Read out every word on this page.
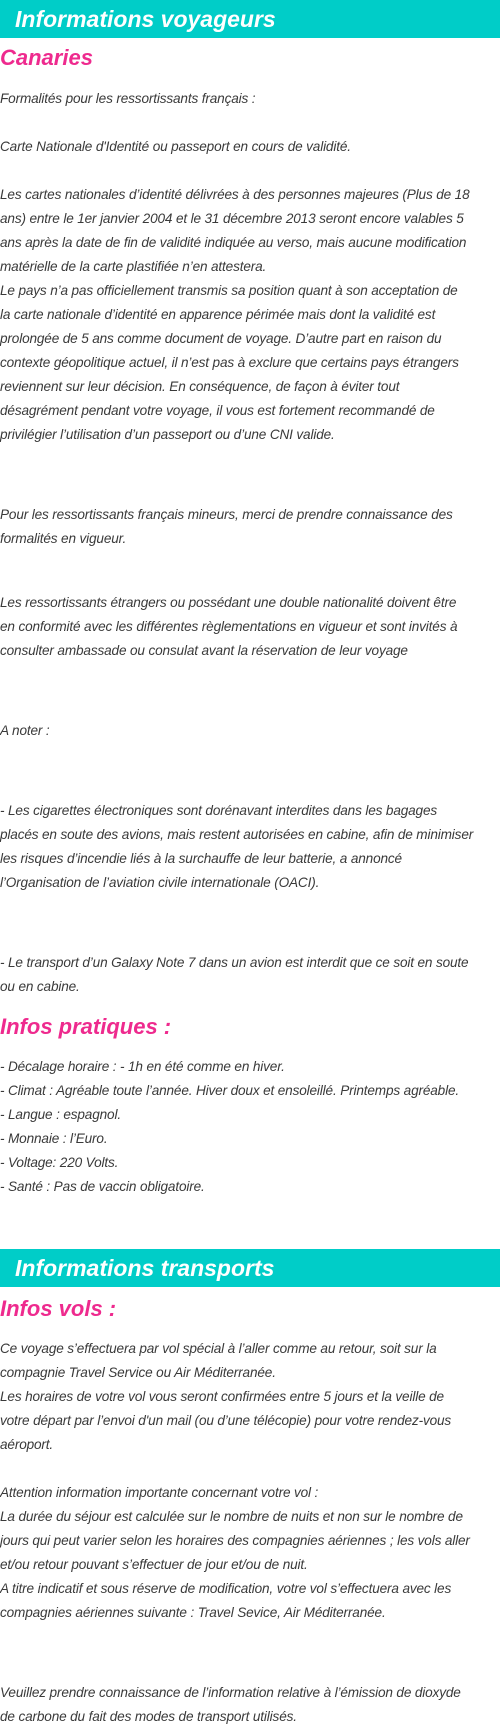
Informations voyageurs
Canaries
Formalités pour les ressortissants français :
Carte Nationale d'Identité ou passeport en cours de validité.
Les cartes nationales d’identité délivrées à des personnes majeures (Plus de 18
ans) entre le 1er janvier 2004 et le 31 décembre 2013 seront encore valables 5
ans après la date de fin de validité indiquée au verso, mais aucune modification
matérielle de la carte plastifiée n’en attestera.
Le pays n’a pas officiellement transmis sa position quant à son acceptation de
la carte nationale d’identité en apparence périmée mais dont la validité est
prolongée de 5 ans comme document de voyage. D’autre part en raison du
contexte géopolitique actuel, il n’est pas à exclure que certains pays étrangers
reviennent sur leur décision. En conséquence, de façon à éviter tout
désagrément pendant votre voyage, il vous est fortement recommandé de
privilégier l’utilisation d’un passeport ou d’une CNI valide.
Pour les ressortissants français mineurs, merci de prendre connaissance des
formalités en vigueur.
Les ressortissants étrangers ou possédant une double nationalité doivent être
en conformité avec les différentes règlementations en vigueur et sont invités à
consulter ambassade ou consulat avant la réservation de leur voyage
A noter :
- Les cigarettes électroniques sont dorénavant interdites dans les bagages
placés en soute des avions, mais restent autorisées en cabine, afin de minimiser
les risques d’incendie liés à la surchauffe de leur batterie, a annoncé
l’Organisation de l’aviation civile internationale (OACI).
- Le transport d’un Galaxy Note 7 dans un avion est interdit que ce soit en soute
ou en cabine.
Infos pratiques :
- Décalage horaire : - 1h en été comme en hiver.
- Climat : Agréable toute l’année. Hiver doux et ensoleillé. Printemps agréable.
- Langue : espagnol.
- Monnaie : l’Euro.
- Voltage: 220 Volts.
- Santé : Pas de vaccin obligatoire.
Informations transports
Infos vols :
Ce voyage s’effectuera par vol spécial à l’aller comme au retour, soit sur la
compagnie Travel Service ou Air Méditerranée.
Les horaires de votre vol vous seront confirmées entre 5 jours et la veille de
votre départ par l’envoi d'un mail (ou d’une télécopie) pour votre rendez-vous
aéroport.
Attention information importante concernant votre vol :
La durée du séjour est calculée sur le nombre de nuits et non sur le nombre de
jours qui peut varier selon les horaires des compagnies aériennes ; les vols aller
et/ou retour pouvant s’effectuer de jour et/ou de nuit.
A titre indicatif et sous réserve de modification, votre vol s’effectuera avec les
compagnies aériennes suivante : Travel Sevice, Air Méditerranée.
Veuillez prendre connaissance de l’information relative à l’émission de dioxyde
de carbone du fait des modes de transport utilisés.
